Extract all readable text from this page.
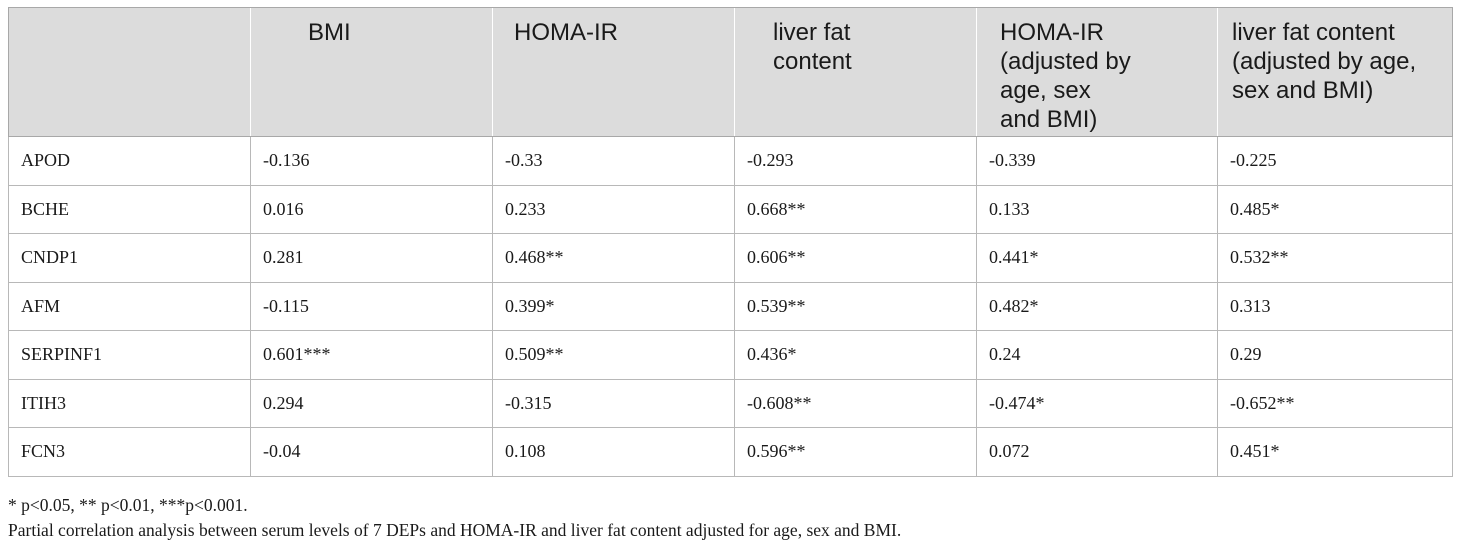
	BMI	HOMA-IR	liver fat content	HOMA-IR (adjusted by age, sex and BMI)	liver fat content (adjusted by age, sex and BMI)
APOD	-0.136	-0.33	-0.293	-0.339	-0.225
BCHE	0.016	0.233	0.668**	0.133	0.485*
CNDP1	0.281	0.468**	0.606**	0.441*	0.532**
AFM	-0.115	0.399*	0.539**	0.482*	0.313
SERPINF1	0.601***	0.509**	0.436*	0.24	0.29
ITIH3	0.294	-0.315	-0.608**	-0.474*	-0.652**
FCN3	-0.04	0.108	0.596**	0.072	0.451*
* p<0.05, ** p<0.01, ***p<0.001.
Partial correlation analysis between serum levels of 7 DEPs and HOMA-IR and liver fat content adjusted for age, sex and BMI.
